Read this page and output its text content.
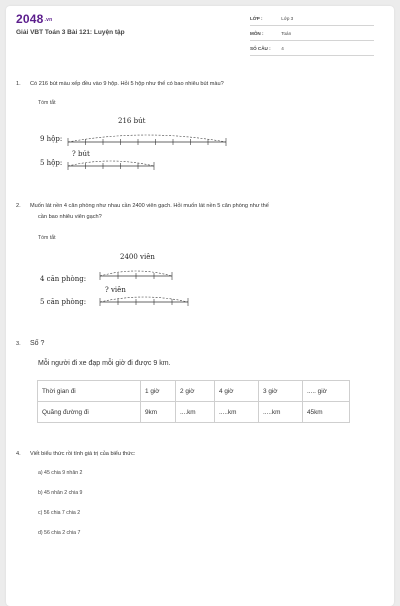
2048.vn
Giải VBT Toán 3 Bài 121: Luyện tập
LỚP :	Lớp 3
MÔN :	Toán
SỐ CÂU : 4
1. Có 216 bút màu xếp đều vào 9 hộp. Hỏi 5 hộp như thế có bao nhiêu bút màu?
Tóm tắt
216 bút
9 hộp:
? bút
5 hộp:
2. Muốn lát nền 4 căn phòng như nhau cần 2400 viên gạch. Hỏi muốn lát nền 5 căn phòng như thế
cần bao nhiêu viên gạch?
Tóm tắt
2400 viên
4 căn phòng:
? viên
5 căn phòng:
3. Số ?
Mỗi người đi xe đạp mỗi giờ đi được 9 km.
Thời gian đi	1 giờ	2 giờ	4 giờ	3 giờ	..... giờ
Quãng đường đi	9km	....km	.....km	.....km	45km
4. Viết biểu thức rồi tính giá trị của biểu thức:
a) 45 chia 9 nhân 2
b) 45 nhân 2 chia 9
c) 56 chia 7 chia 2
d) 56 chia 2 chia 7
